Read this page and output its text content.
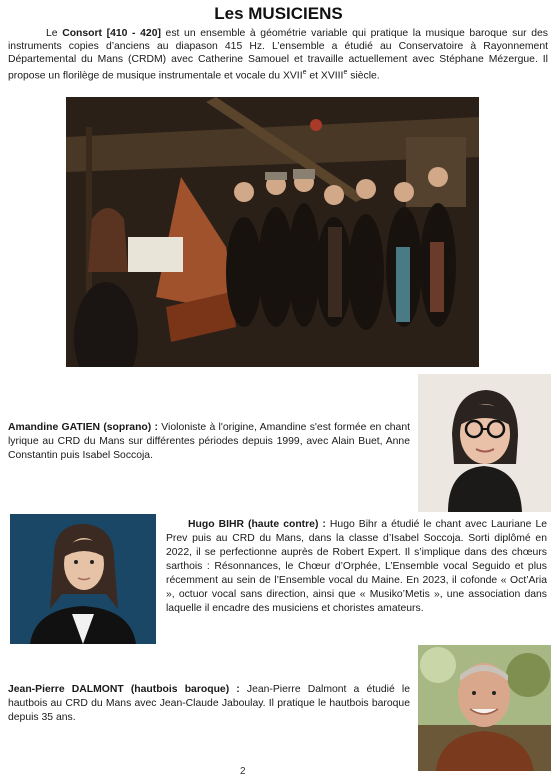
Les MUSICIENS

Le Consort [410 - 420] est un ensemble à géométrie variable qui pratique la musique baroque sur des instruments copies d’anciens au diapason 415 Hz. L’ensemble a étudié au Conservatoire à Rayonnement Départemental du Mans (CRDM) avec Catherine Samouel et travaille actuellement avec Stéphane Mézergue. Il propose un florilège de musique instrumentale et vocale du XVIIe et XVIIIe siècle.

Amandine GATIEN (soprano) : Violoniste à l'origine, Amandine s'est formée en chant lyrique au CRD du Mans sur différentes périodes depuis 1999, avec Alain Buet, Anne Constantin puis Isabel Soccoja.

Hugo BIHR (haute contre) : Hugo Bihr a étudié le chant avec Lauriane Le Prev puis au CRD du Mans, dans la classe d’Isabel Soccoja. Sorti diplômé en 2022, il se perfectionne auprès de Robert Expert. Il s’implique dans des chœurs sarthois : Résonnances, le Chœur d’Orphée, L’Ensemble vocal Seguido et plus récemment au sein de l’Ensemble vocal du Maine. En 2023, il cofonde « Oct’Aria », octuor vocal sans direction, ainsi que « Musiko’Metis », une association dans laquelle il encadre des musiciens et choristes amateurs.

Jean-Pierre DALMONT (hautbois baroque) : Jean-Pierre Dalmont a étudié le hautbois au CRD du Mans avec Jean-Claude Jaboulay. Il pratique le hautbois baroque depuis 35 ans.

2
